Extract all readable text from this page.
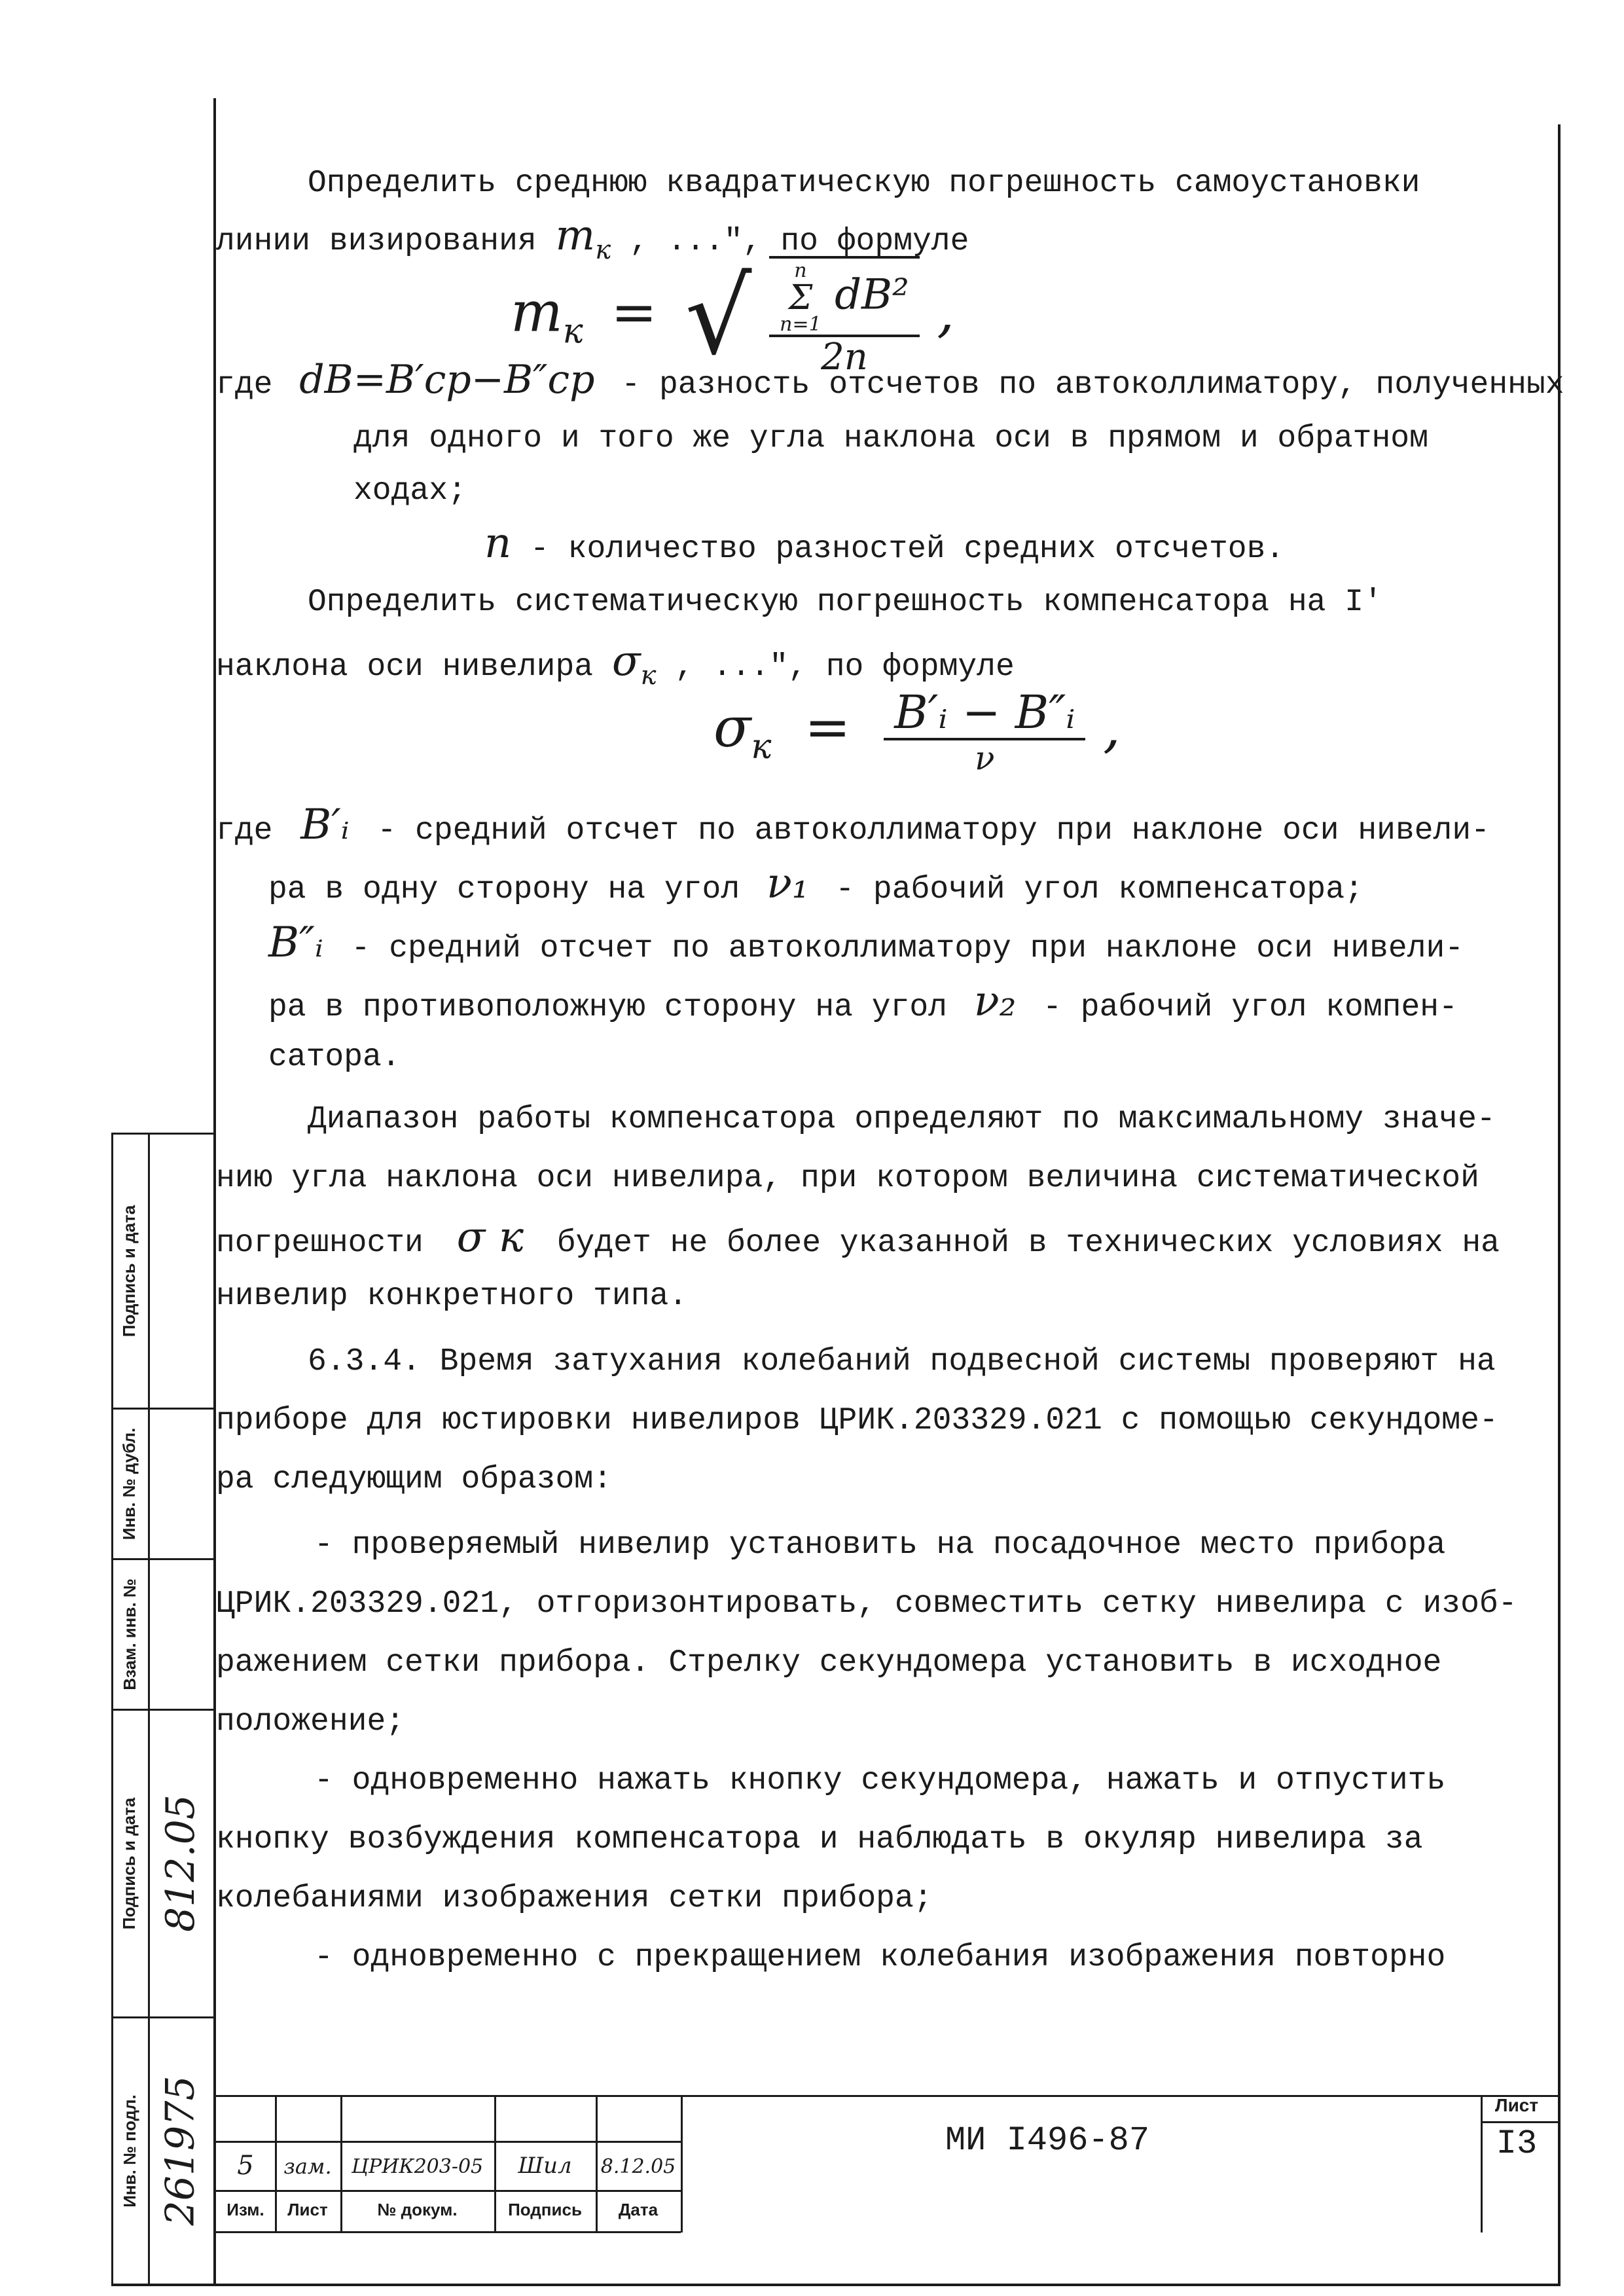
Определить среднюю квадратическую погрешность самоустановки

линии визирования $m_к$ , ...", по формуле

$m_к$ = √ n
Σ
n=1
dB²
2n ,

где dB=B′ср−B″ср - разность отсчетов по автоколлиматору, полученных

для одного и того же угла наклона оси в прямом и обратном

ходах;

n - количество разностей средних отсчетов.

Определить систематическую погрешность компенсатора на I′

наклона оси нивелира $\sigma_к$ , ...", по формуле

$\sigma_к = \frac{\text{B′ᵢ − B″ᵢ}}{\nu}$ ,

где B′ᵢ - средний отсчет по автоколлиматору при наклоне оси нивели-

ра в одну сторону на угол ν₁ - рабочий угол компенсатора;

B″ᵢ - средний отсчет по автоколлиматору при наклоне оси нивели-

ра в противоположную сторону на угол ν₂ - рабочий угол компен-

сатора.

Диапазон работы компенсатора определяют по максимальному значе-

нию угла наклона оси нивелира, при котором величина систематической

погрешности σ к будет не более указанной в технических условиях на

нивелир конкретного типа.

6.3.4. Время затухания колебаний подвесной системы проверяют на

приборе для юстировки нивелиров ЦРИК.203329.021 с помощью секундоме-

ра следующим образом:

- проверяемый нивелир установить на посадочное место прибора

ЦРИК.203329.021, отгоризонтировать, совместить сетку нивелира с изоб-

ражением сетки прибора. Стрелку секундомера установить в исходное

положение;

- одновременно нажать кнопку секундомера, нажать и отпустить

кнопку возбуждения компенсатора и наблюдать в окуляр нивелира за

колебаниями изображения сетки прибора;

- одновременно с прекращением колебания изображения повторно

Подпись и дата
Инв. № дубл.
Взам. инв. №
Подпись и дата
Инв. № подл.
812.05
261975	5	зам.	ЦРИК203-05	Шил	8.12.05
Изм.	Лист	№ докум.	Подпись	Дата
МИ I496-87
Лист
I3
